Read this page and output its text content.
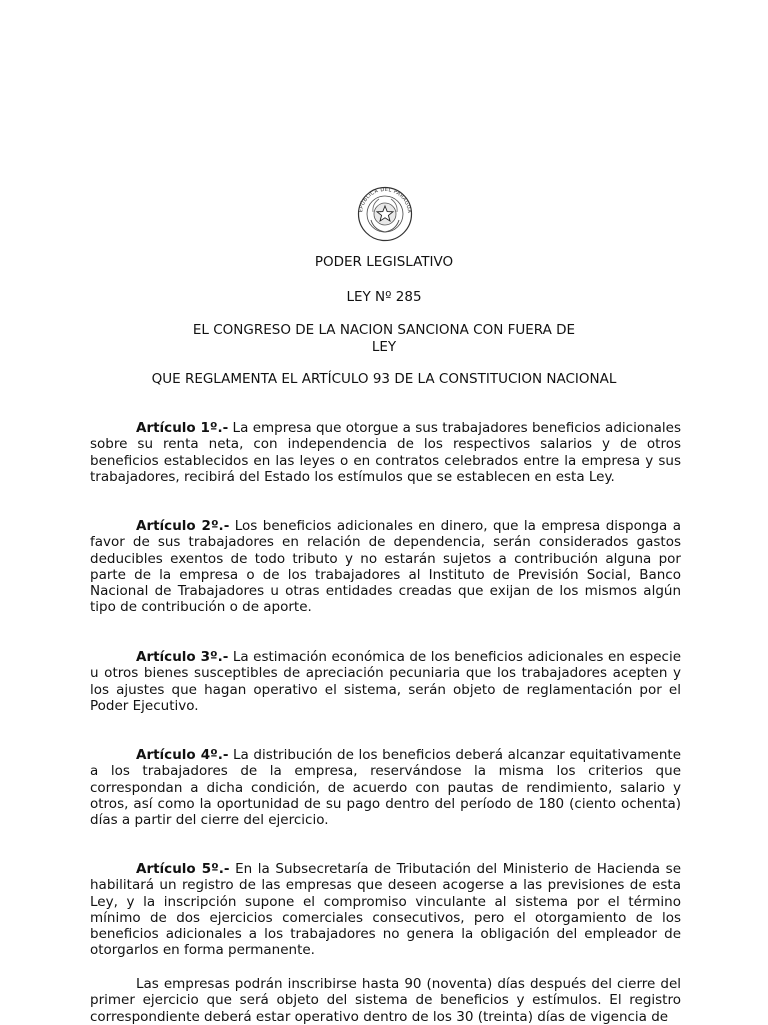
EPÚBLICA DEL PARAGUA
PODER LEGISLATIVO
LEY Nº 285
EL CONGRESO DE LA NACION SANCIONA CON FUERA DE
LEY
QUE REGLAMENTA EL ARTÍCULO 93 DE LA CONSTITUCION NACIONAL

Artículo 1º.- La empresa que otorgue a sus trabajadores beneficios adicionales sobre su renta neta, con independencia de los respectivos salarios y de otros beneficios establecidos en las leyes o en contratos celebrados entre la empresa y sus trabajadores, recibirá del Estado los estímulos que se establecen en esta Ley.

Artículo 2º.- Los beneficios adicionales en dinero, que la empresa disponga a favor de sus trabajadores en relación de dependencia, serán considerados gastos deducibles exentos de todo tributo y no estarán sujetos a contribución alguna por parte de la empresa o de los trabajadores al Instituto de Previsión Social, Banco Nacional de Trabajadores u otras entidades creadas que exijan de los mismos algún tipo de contribución o de aporte.

Artículo 3º.- La estimación económica de los beneficios adicionales en especie u otros bienes susceptibles de apreciación pecuniaria que los trabajadores acepten y los ajustes que hagan operativo el sistema, serán objeto de reglamentación por el Poder Ejecutivo.

Artículo 4º.- La distribución de los beneficios deberá alcanzar equitativamente a los trabajadores de la empresa, reservándose la misma los criterios que correspondan a dicha condición, de acuerdo con pautas de rendimiento, salario y otros, así como la oportunidad de su pago dentro del período de 180 (ciento ochenta) días a partir del cierre del ejercicio.

Artículo 5º.- En la Subsecretaría de Tributación del Ministerio de Hacienda se habilitará un registro de las empresas que deseen acogerse a las previsiones de esta Ley, y la inscripción supone el compromiso vinculante al sistema por el término mínimo de dos ejercicios comerciales consecutivos, pero el otorgamiento de los beneficios adicionales a los trabajadores no genera la obligación del empleador de otorgarlos en forma permanente.

Las empresas podrán inscribirse hasta 90 (noventa) días después del cierre del primer ejercicio que será objeto del sistema de beneficios y estímulos. El registro correspondiente deberá estar operativo dentro de los 30 (treinta) días de vigencia de
